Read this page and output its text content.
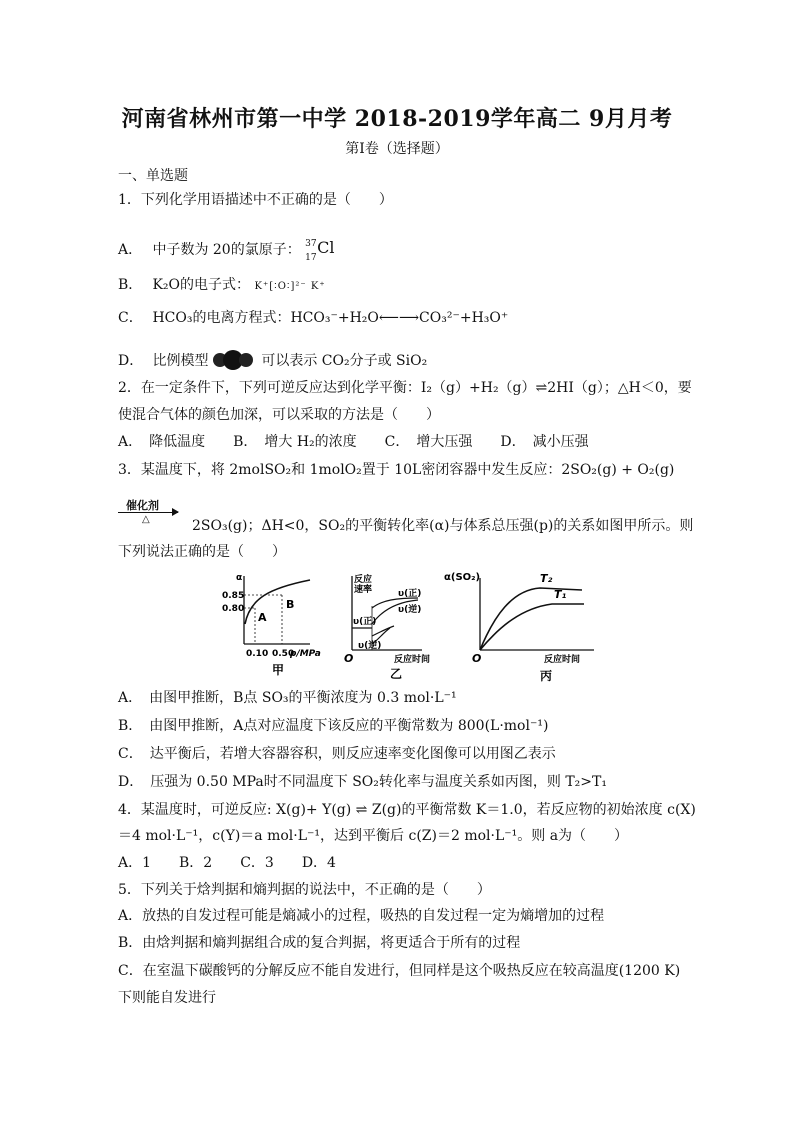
河南省林州市第一中学 2018-2019学年高二 9月月考
第Ⅰ卷（选择题）
一、单选题
1．下列化学用语描述中不正确的是（　　）
A． 中子数为 20的氯原子： 37
17
Cl
B． K₂O的电子式： K⁺[∶O∶]²⁻ K⁺
C． HCO₃的电离方程式：HCO₃⁻+H₂O⟵⟶CO₃²⁻+H₃O⁺
D． 比例模型	可以表示 CO₂分子或 SiO₂
2．在一定条件下，下列可逆反应达到化学平衡：I₂（g）+H₂（g）⇌2HI（g）；△H＜0，要
使混合气体的颜色加深，可以采取的方法是（　　）
A．　降低温度　　B．　增大 H₂的浓度　　C．　增大压强　　D．　减小压强
3．某温度下，将 2molSO₂和 1molO₂置于 10L密闭容器中发生反应：2SO₂(g) + O₂(g)
催化剂
△	2SO₃(g)；ΔH<0，SO₂的平衡转化率(α)与体系总压强(p)的关系如图甲所示。则
下列说法正确的是（　　）
α
0.85
0.80
A
B
0.10 0.50
p/MPa
甲
反应
速率	υ(正)
υ(逆)
υ(正)
υ(逆)
O	反应时间
乙
α(SO₂)	T₂
T₁
O	反应时间
丙
A．　由图甲推断，B点 SO₃的平衡浓度为 0.3 mol·L⁻¹
B．　由图甲推断，A点对应温度下该反应的平衡常数为 800(L·mol⁻¹)
C．　达平衡后，若增大容器容积，则反应速率变化图像可以用图乙表示
D．　压强为 0.50 MPa时不同温度下 SO₂转化率与温度关系如丙图，则 T₂>T₁
4．某温度时，可逆反应: X(g)+ Y(g) ⇌ Z(g)的平衡常数 K＝1.0，若反应物的初始浓度 c(X)
＝4 mol·L⁻¹，c(Y)＝a mol·L⁻¹，达到平衡后 c(Z)＝2 mol·L⁻¹。则 a为（　　）
A．1　　B．2　　C．3　　D．4
5．下列关于焓判据和熵判据的说法中，不正确的是（　　）
A．放热的自发过程可能是熵减小的过程，吸热的自发过程一定为熵增加的过程
B．由焓判据和熵判据组合成的复合判据，将更适合于所有的过程
C．在室温下碳酸钙的分解反应不能自发进行，但同样是这个吸热反应在较高温度(1200 K)
下则能自发进行
